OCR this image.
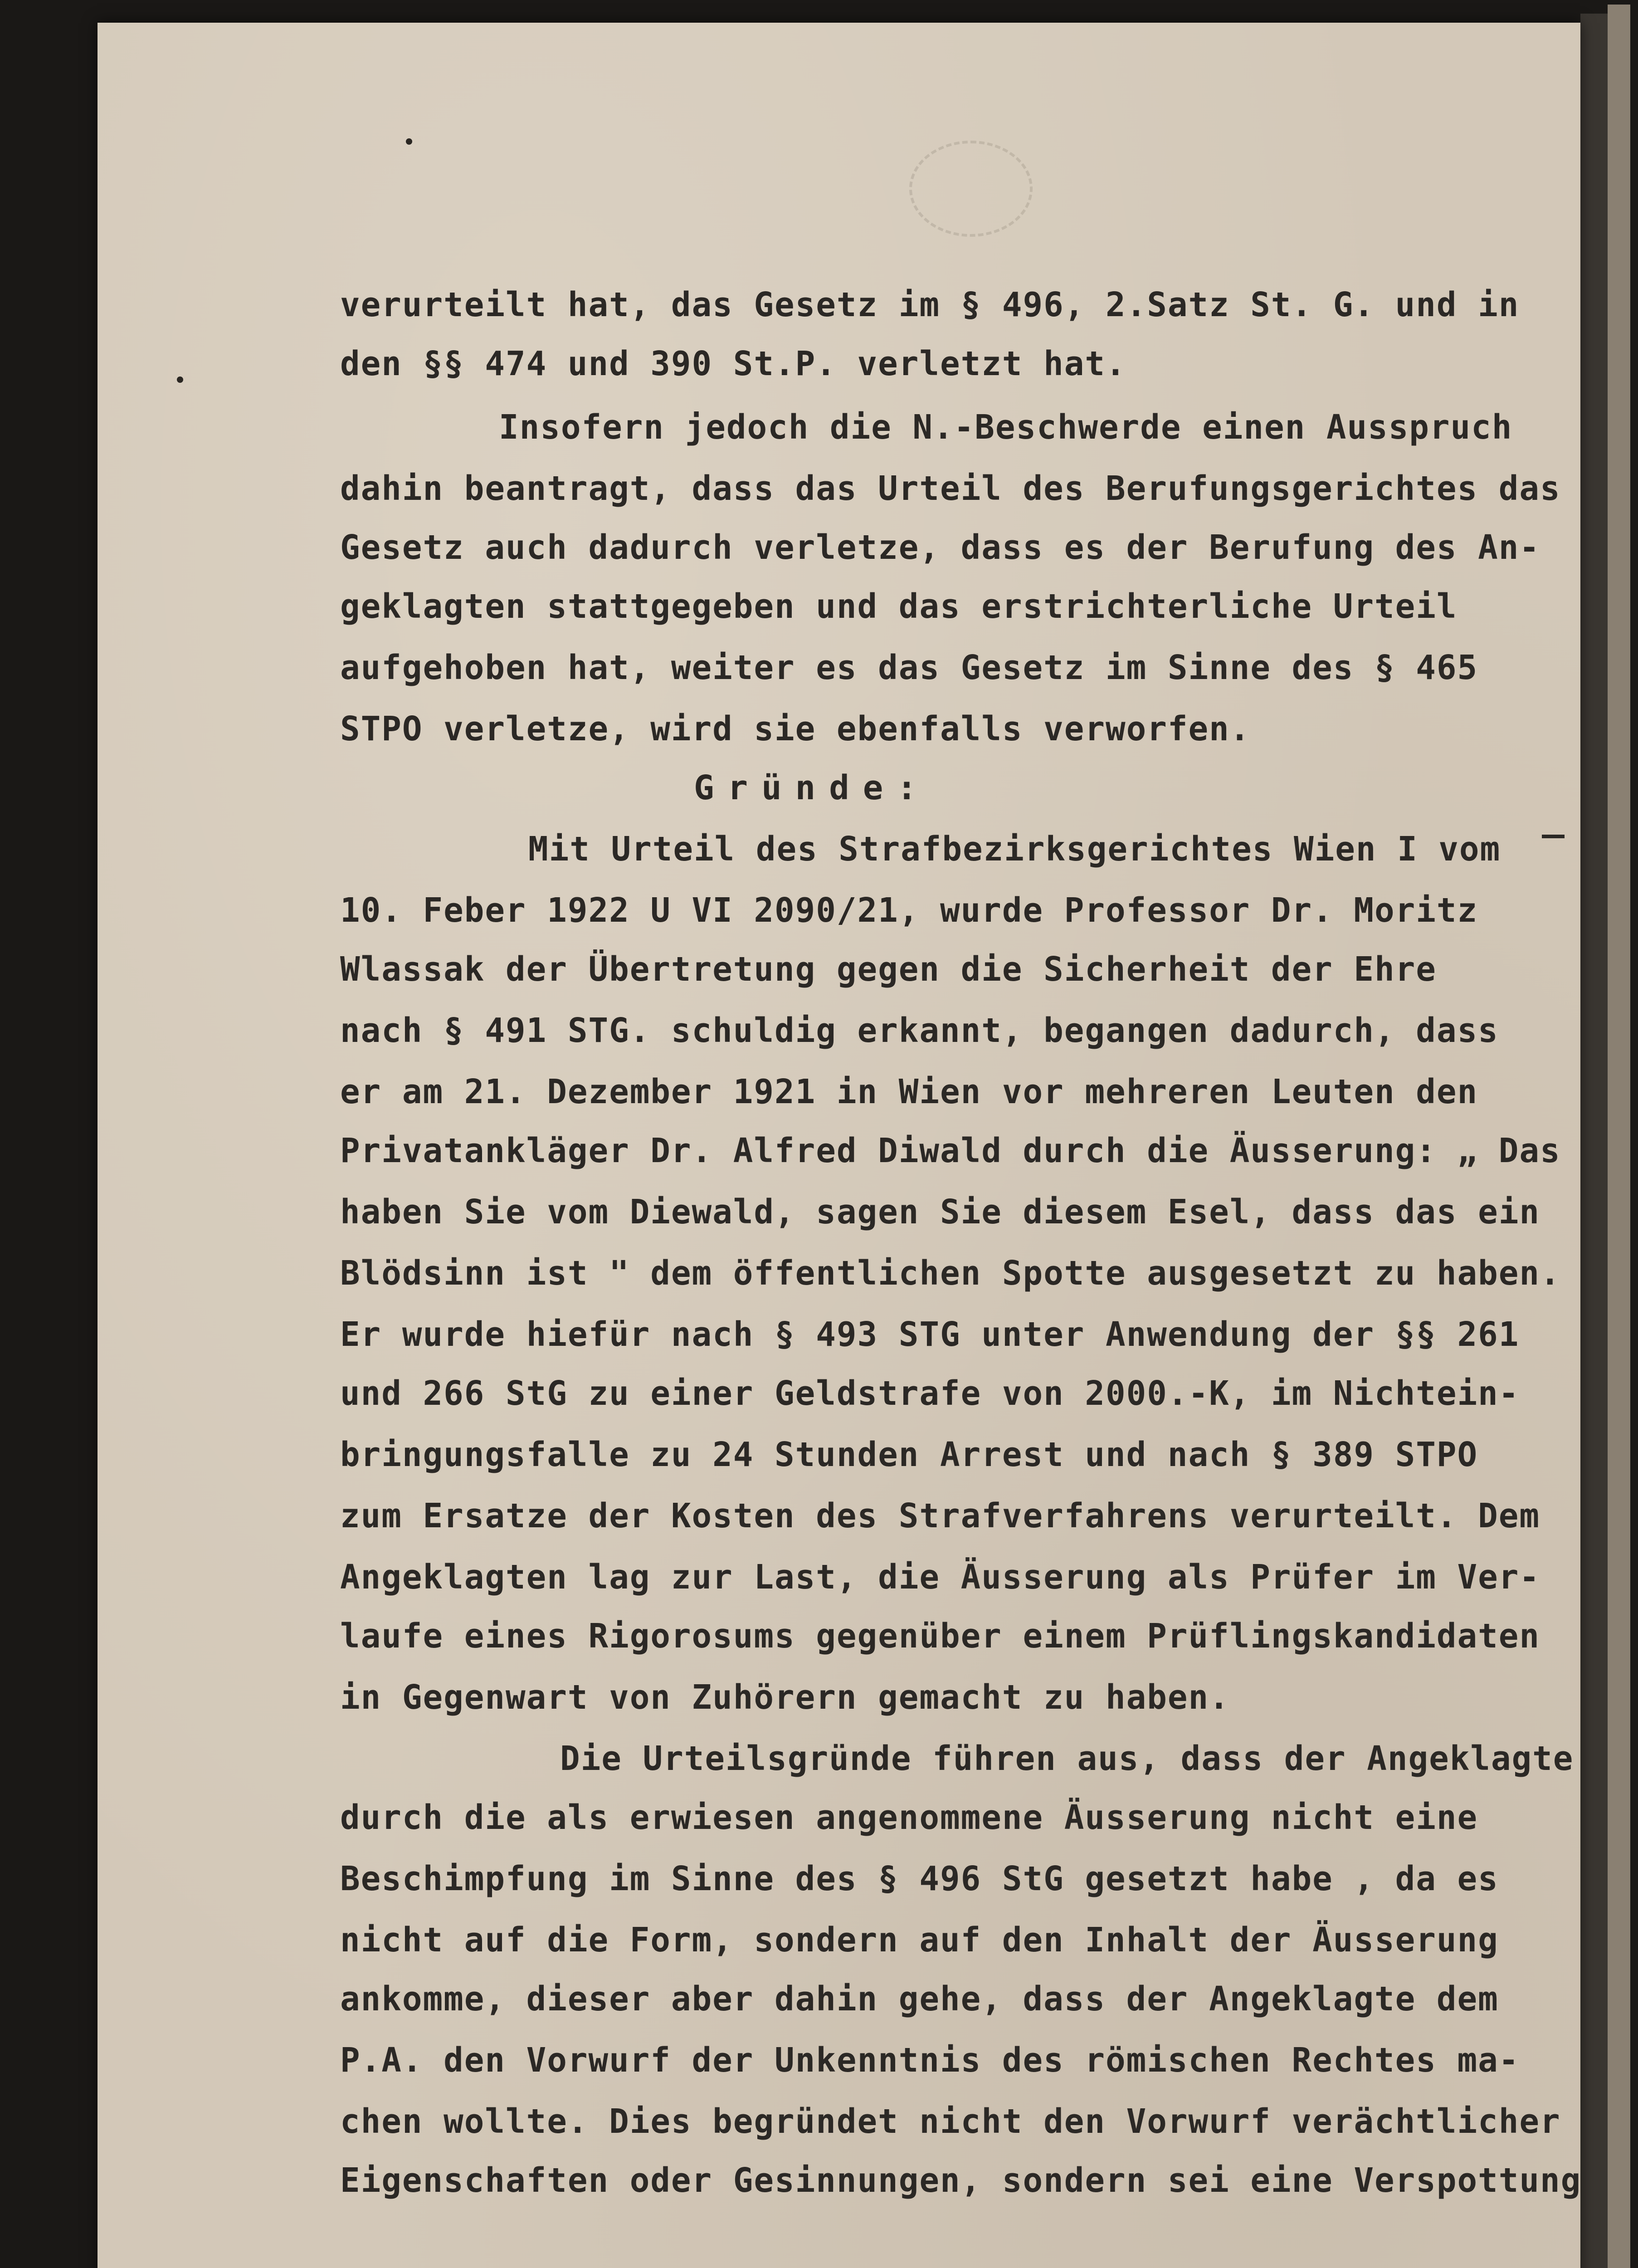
verurteilt hat, das Gesetz im § 496, 2.Satz St. G. und in
den §§ 474 und 390 St.P. verletzt hat.
Insofern jedoch die N.-Beschwerde einen Ausspruch
dahin beantragt, dass das Urteil des Berufungsgerichtes das
Gesetz auch dadurch verletze, dass es der Berufung des An-
geklagten stattgegeben und das erstrichterliche Urteil
aufgehoben hat, weiter es das Gesetz im Sinne des § 465
STPO verletze, wird sie ebenfalls verworfen.
Gründe:
Mit Urteil des Strafbezirksgerichtes Wien I vom
10. Feber 1922 U VI 2090/21, wurde Professor Dr. Moritz
Wlassak der Übertretung gegen die Sicherheit der Ehre
nach § 491 STG. schuldig erkannt, begangen dadurch, dass
er am 21. Dezember 1921 in Wien vor mehreren Leuten den
Privatankläger Dr. Alfred Diwald durch die Äusserung: „ Das
haben Sie vom Diewald, sagen Sie diesem Esel, dass das ein
Blödsinn ist " dem öffentlichen Spotte ausgesetzt zu haben.
Er wurde hiefür nach § 493 STG unter Anwendung der §§ 261
und 266 StG zu einer Geldstrafe von 2000.-K, im Nichtein-
bringungsfalle zu 24 Stunden Arrest und nach § 389 STPO
zum Ersatze der Kosten des Strafverfahrens verurteilt. Dem
Angeklagten lag zur Last, die Äusserung als Prüfer im Ver-
laufe eines Rigorosums gegenüber einem Prüflingskandidaten
in Gegenwart von Zuhörern gemacht zu haben.
Die Urteilsgründe führen aus, dass der Angeklagte
durch die als erwiesen angenommene Äusserung nicht eine
Beschimpfung im Sinne des § 496 StG gesetzt habe , da es
nicht auf die Form, sondern auf den Inhalt der Äusserung
ankomme, dieser aber dahin gehe, dass der Angeklagte dem
P.A. den Vorwurf der Unkenntnis des römischen Rechtes ma-
chen wollte. Dies begründet nicht den Vorwurf verächtlicher
Eigenschaften oder Gesinnungen, sondern sei eine Verspottung
